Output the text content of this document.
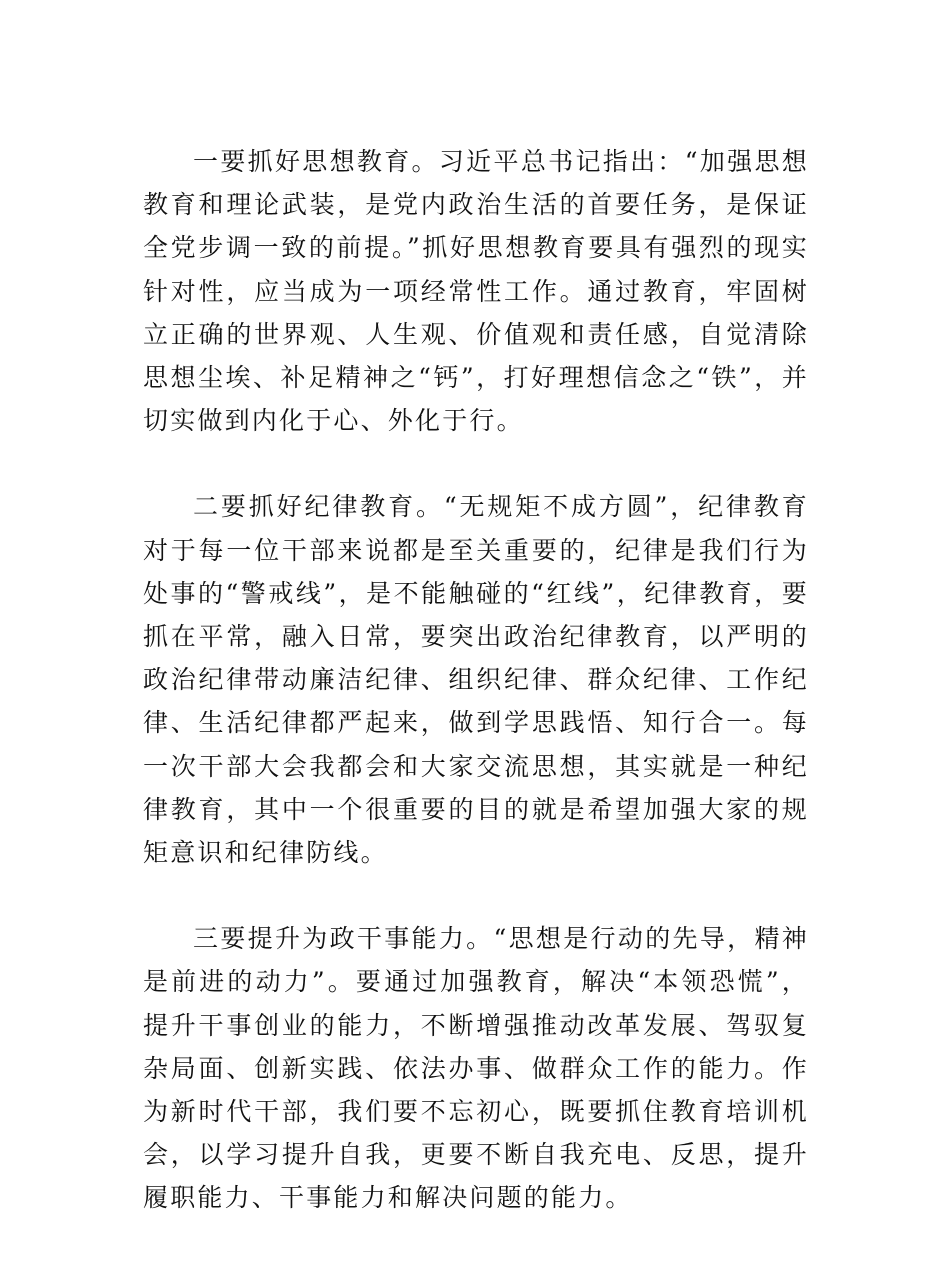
一要抓好思想教育。习近平总书记指出：“加强思想教育和理论武装，是党内政治生活的首要任务，是保证全党步调一致的前提。”抓好思想教育要具有强烈的现实针对性，应当成为一项经常性工作。通过教育，牢固树立正确的世界观、人生观、价值观和责任感，自觉清除思想尘埃、补足精神之“钙”，打好理想信念之“铁”，并切实做到内化于心、外化于行。

二要抓好纪律教育。“无规矩不成方圆”，纪律教育对于每一位干部来说都是至关重要的，纪律是我们行为处事的“警戒线”，是不能触碰的“红线”，纪律教育，要抓在平常，融入日常，要突出政治纪律教育，以严明的政治纪律带动廉洁纪律、组织纪律、群众纪律、工作纪律、生活纪律都严起来，做到学思践悟、知行合一。每一次干部大会我都会和大家交流思想，其实就是一种纪律教育，其中一个很重要的目的就是希望加强大家的规矩意识和纪律防线。

三要提升为政干事能力。“思想是行动的先导，精神是前进的动力”。要通过加强教育，解决“本领恐慌”，提升干事创业的能力，不断增强推动改革发展、驾驭复杂局面、创新实践、依法办事、做群众工作的能力。作为新时代干部，我们要不忘初心，既要抓住教育培训机会，以学习提升自我，更要不断自我充电、反思，提升履职能力、干事能力和解决问题的能力。
